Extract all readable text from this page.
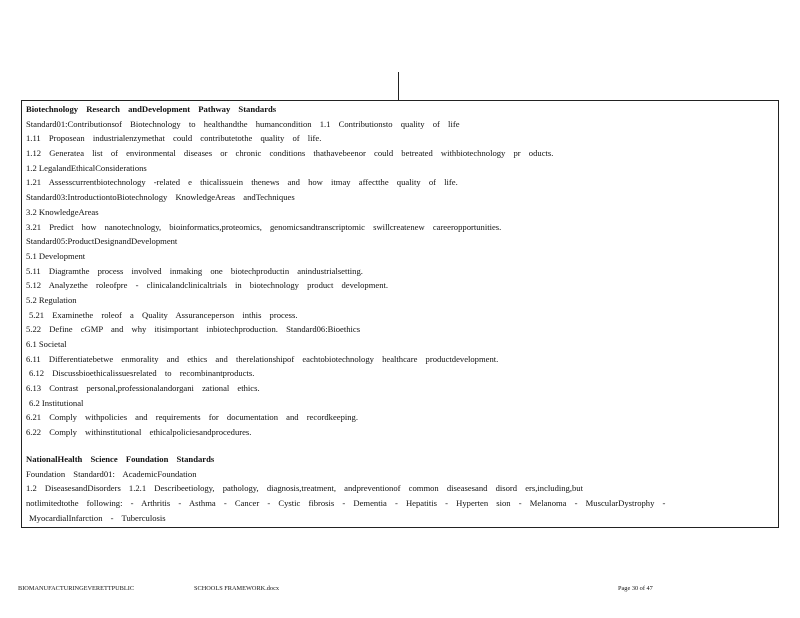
Biotechnology Research andDevelopment Pathway Standards
Standard01:Contributionsof Biotechnology to healthandthe humancondition 1.1 Contributionsto quality of life
1.11 Proposean industrialenzymethat could contributetothe quality of life.
1.12 Generatea list of environmental diseases or chronic conditions thathavebeenor could betreated withbiotechnology pr oducts.
1.2 LegalandEthicalConsiderations
1.21 Assesscurrentbiotechnology -related e thicalissuein thenews and how itmay affectthe quality of life.
Standard03:IntroductiontoBiotechnology KnowledgeAreas andTechniques
3.2 KnowledgeAreas
3.21 Predict how nanotechnology, bioinformatics,proteomics, genomicsandtranscriptomic swillcreatenew careeropportunities.
Standard05:ProductDesignandDevelopment
5.1 Development
5.11 Diagramthe process involved inmaking one biotechproductin anindustrialsetting.
5.12 Analyzethe roleofpre - clinicalandclinicaltrials in biotechnology product development.
5.2 Regulation
5.21 Examinethe roleof a Quality Assuranceperson inthis process.
5.22 Define cGMP and why itisimportant inbiotechproduction. Standard06:Bioethics
6.1 Societal
6.11 Differentiatebetwe enmorality and ethics and therelationshipof eachtobiotechnology healthcare productdevelopment.
6.12 Discussbioethicalissuesrelated to recombinantproducts.
6.13 Contrast personal,professionalandorgani zational ethics.
6.2 Institutional
6.21 Comply withpolicies and requirements for documentation and recordkeeping.
6.22 Comply withinstitutional ethicalpoliciesandprocedures.
NationalHealth Science Foundation Standards
Foundation Standard01: AcademicFoundation
1.2 DiseasesandDisorders 1.2.1 Describeetiology, pathology, diagnosis,treatment, andpreventionof common diseasesand disord ers,including,but
notlimitedtothe following: - Arthritis - Asthma - Cancer - Cystic fibrosis - Dementia - Hepatitis - Hyperten sion - Melanoma - MuscularDystrophy -
MyocardialInfarction - Tuberculosis
BIOMANUFACTURINGEVERETTPUBLIC	SCHOOLS FRAMEWORK.docx	Page 30 of 47
